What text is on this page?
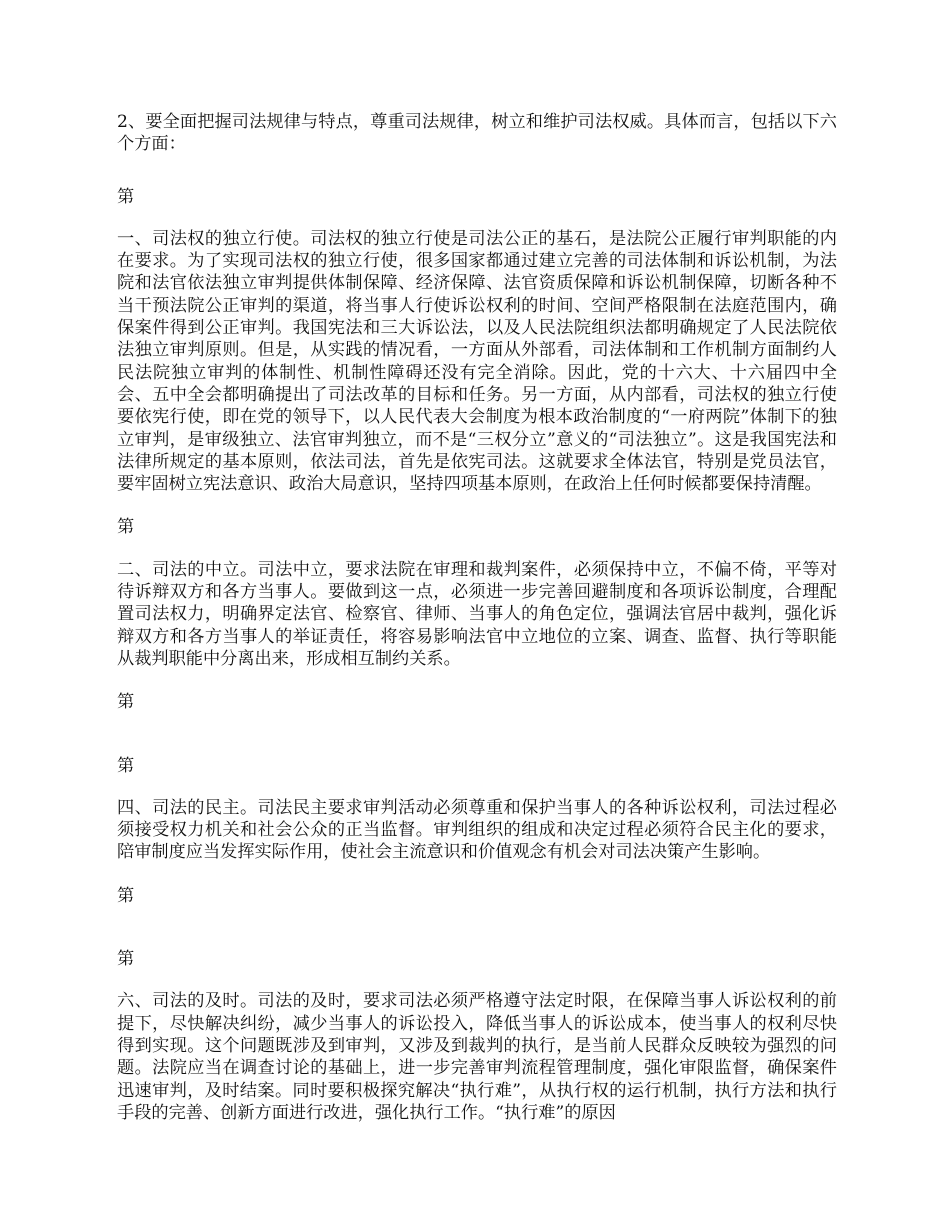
2、要全面把握司法规律与特点，尊重司法规律，树立和维护司法权威。具体而言，包括以下六个方面：

第

一、司法权的独立行使。司法权的独立行使是司法公正的基石，是法院公正履行审判职能的内在要求。为了实现司法权的独立行使，很多国家都通过建立完善的司法体制和诉讼机制，为法院和法官依法独立审判提供体制保障、经济保障、法官资质保障和诉讼机制保障，切断各种不当干预法院公正审判的渠道，将当事人行使诉讼权利的时间、空间严格限制在法庭范围内，确保案件得到公正审判。我国宪法和三大诉讼法，以及人民法院组织法都明确规定了人民法院依法独立审判原则。但是，从实践的情况看，一方面从外部看，司法体制和工作机制方面制约人民法院独立审判的体制性、机制性障碍还没有完全消除。因此，党的十六大、十六届四中全会、五中全会都明确提出了司法改革的目标和任务。另一方面，从内部看，司法权的独立行使要依宪行使，即在党的领导下，以人民代表大会制度为根本政治制度的“一府两院”体制下的独立审判，是审级独立、法官审判独立，而不是“三权分立”意义的“司法独立”。这是我国宪法和法律所规定的基本原则，依法司法，首先是依宪司法。这就要求全体法官，特别是党员法官，要牢固树立宪法意识、政治大局意识，坚持四项基本原则，在政治上任何时候都要保持清醒。

第

二、司法的中立。司法中立，要求法院在审理和裁判案件，必须保持中立，不偏不倚，平等对待诉辩双方和各方当事人。要做到这一点，必须进一步完善回避制度和各项诉讼制度，合理配置司法权力，明确界定法官、检察官、律师、当事人的角色定位，强调法官居中裁判，强化诉辩双方和各方当事人的举证责任，将容易影响法官中立地位的立案、调查、监督、执行等职能从裁判职能中分离出来，形成相互制约关系。

第

第

四、司法的民主。司法民主要求审判活动必须尊重和保护当事人的各种诉讼权利，司法过程必须接受权力机关和社会公众的正当监督。审判组织的组成和决定过程必须符合民主化的要求，陪审制度应当发挥实际作用，使社会主流意识和价值观念有机会对司法决策产生影响。

第

第

六、司法的及时。司法的及时，要求司法必须严格遵守法定时限，在保障当事人诉讼权利的前提下，尽快解决纠纷，减少当事人的诉讼投入，降低当事人的诉讼成本，使当事人的权利尽快得到实现。这个问题既涉及到审判，又涉及到裁判的执行，是当前人民群众反映较为强烈的问题。法院应当在调查讨论的基础上，进一步完善审判流程管理制度，强化审限监督，确保案件迅速审判，及时结案。同时要积极探究解决“执行难”，从执行权的运行机制，执行方法和执行手段的完善、创新方面进行改进，强化执行工作。“执行难”的原因
